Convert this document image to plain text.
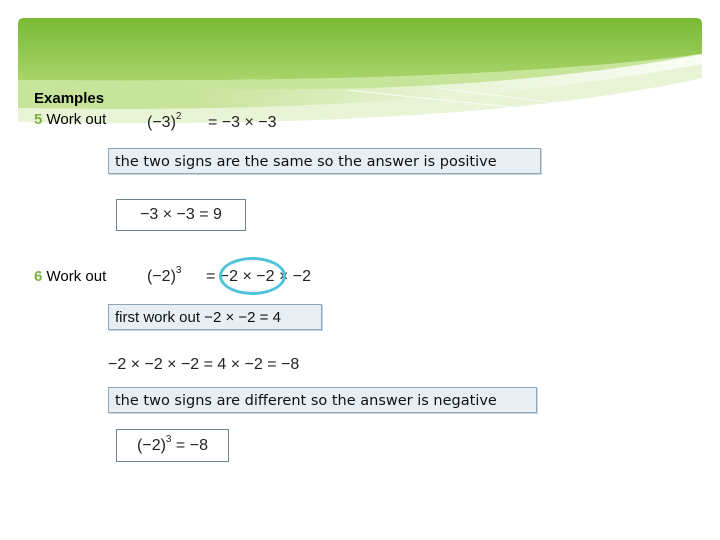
Examples
5 Work out	$(-3)^2 = -3 \times -3$
the two signs are the same so the answer is positive
−3 × −3 = 9
6 Work out	$(-2)^3 = -2 \times -2 \times -2$
first work out −2 × −2 = 4
−2 × −2 × −2 = 4 × −2 = −8
the two signs are different so the answer is negative
$(-2)^3 = -8$
